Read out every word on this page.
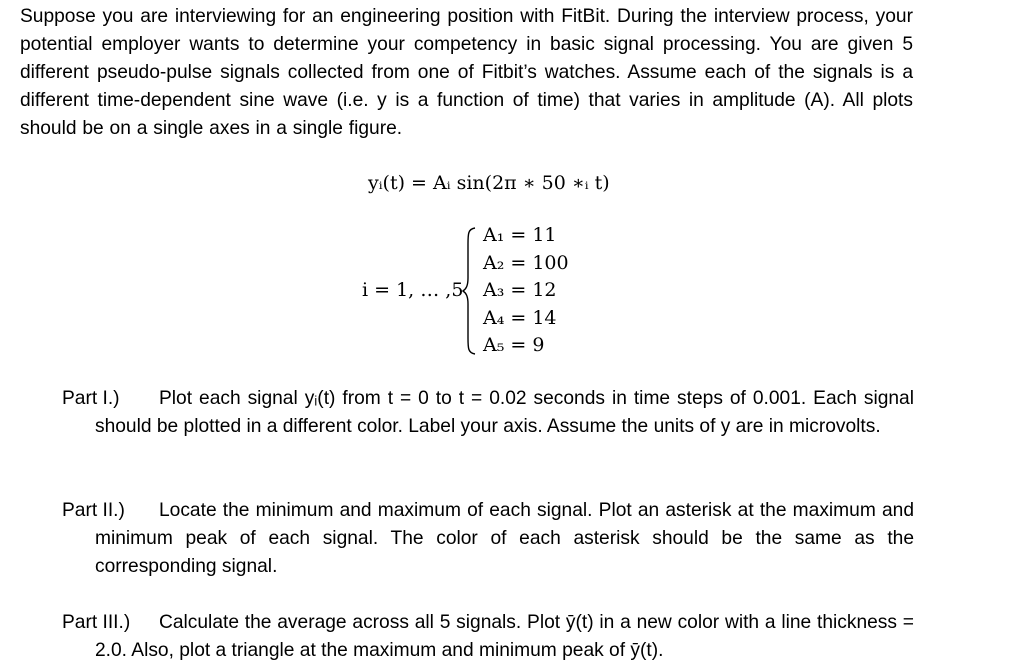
Suppose you are interviewing for an engineering position with FitBit. During the interview process, your potential employer wants to determine your competency in basic signal processing. You are given 5 different pseudo-pulse signals collected from one of Fitbit’s watches. Assume each of the signals is a different time-dependent sine wave (i.e. y is a function of time) that varies in amplitude (A). All plots should be on a single axes in a single figure.
yᵢ(t) = Aᵢ sin(2π ∗ 50 ∗ᵢ t)
i = 1, … ,5
A₁ = 11
A₂ = 100
A₃ = 12
A₄ = 14
A₅ = 9

Part I.) Plot each signal yᵢ(t) from t = 0 to t = 0.02 seconds in time steps of 0.001. Each signal should be plotted in a different color. Label your axis. Assume the units of y are in microvolts.

Part II.) Locate the minimum and maximum of each signal. Plot an asterisk at the maximum and minimum peak of each signal. The color of each asterisk should be the same as the corresponding signal.

Part III.) Calculate the average across all 5 signals. Plot ȳ(t) in a new color with a line thickness = 2.0. Also, plot a triangle at the maximum and minimum peak of ȳ(t).
